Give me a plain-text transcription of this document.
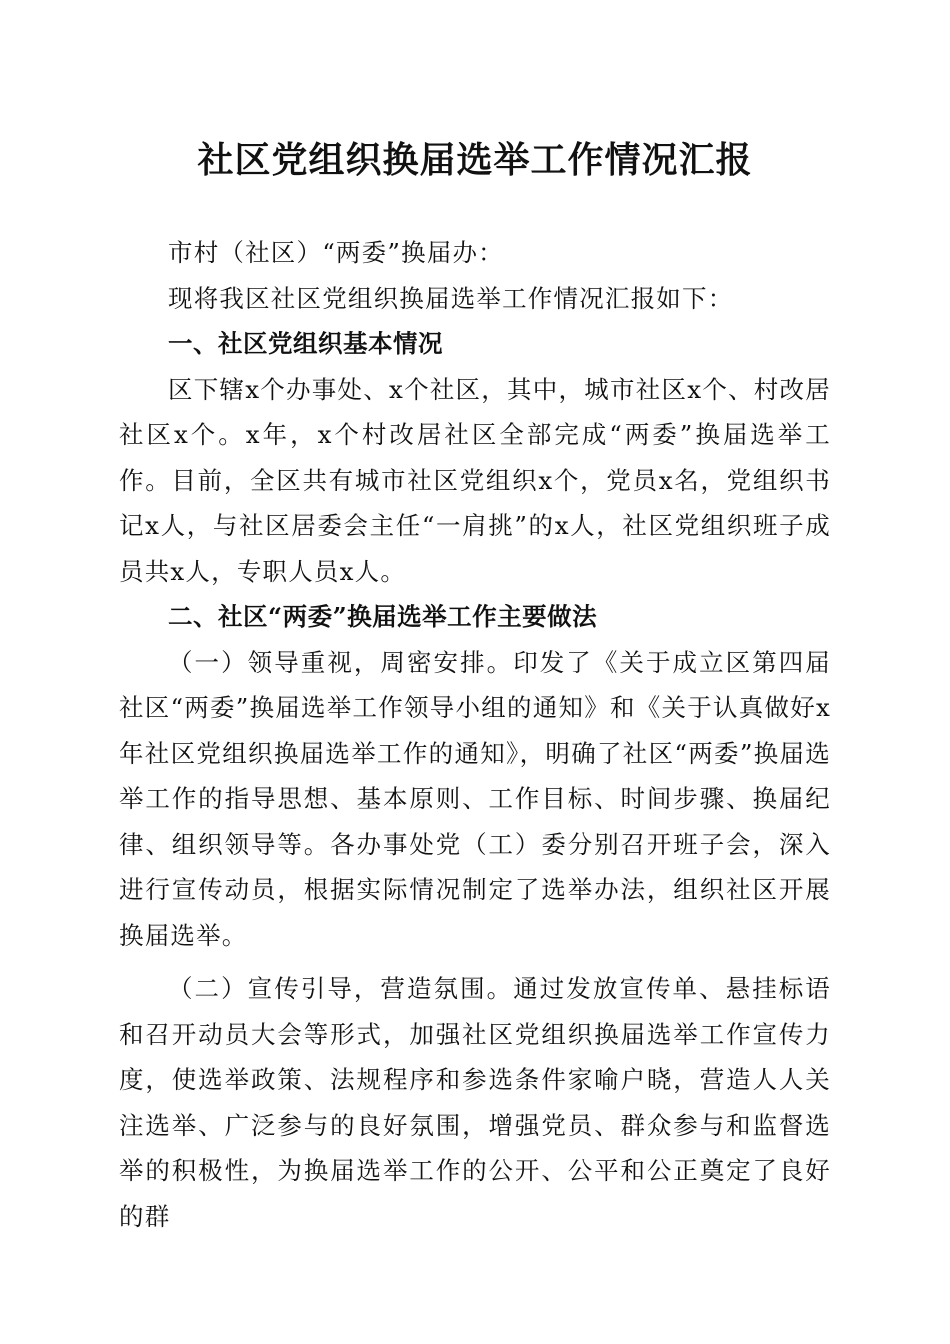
社区党组织换届选举工作情况汇报

市村（社区）“两委”换届办：

现将我区社区党组织换届选举工作情况汇报如下：

一、社区党组织基本情况

区下辖x个办事处、x个社区，其中，城市社区x个、村改居社区x个。x年，x个村改居社区全部完成“两委”换届选举工作。目前，全区共有城市社区党组织x个，党员x名，党组织书记x人，与社区居委会主任“一肩挑”的x人，社区党组织班子成员共x人，专职人员x人。

二、社区“两委”换届选举工作主要做法

（一）领导重视，周密安排。印发了《关于成立区第四届社区“两委”换届选举工作领导小组的通知》和《关于认真做好x年社区党组织换届选举工作的通知》，明确了社区“两委”换届选举工作的指导思想、基本原则、工作目标、时间步骤、换届纪律、组织领导等。各办事处党（工）委分别召开班子会，深入进行宣传动员，根据实际情况制定了选举办法，组织社区开展换届选举。

（二）宣传引导，营造氛围。通过发放宣传单、悬挂标语和召开动员大会等形式，加强社区党组织换届选举工作宣传力度，使选举政策、法规程序和参选条件家喻户晓，营造人人关注选举、广泛参与的良好氛围，增强党员、群众参与和监督选举的积极性，为换届选举工作的公开、公平和公正奠定了良好的群
